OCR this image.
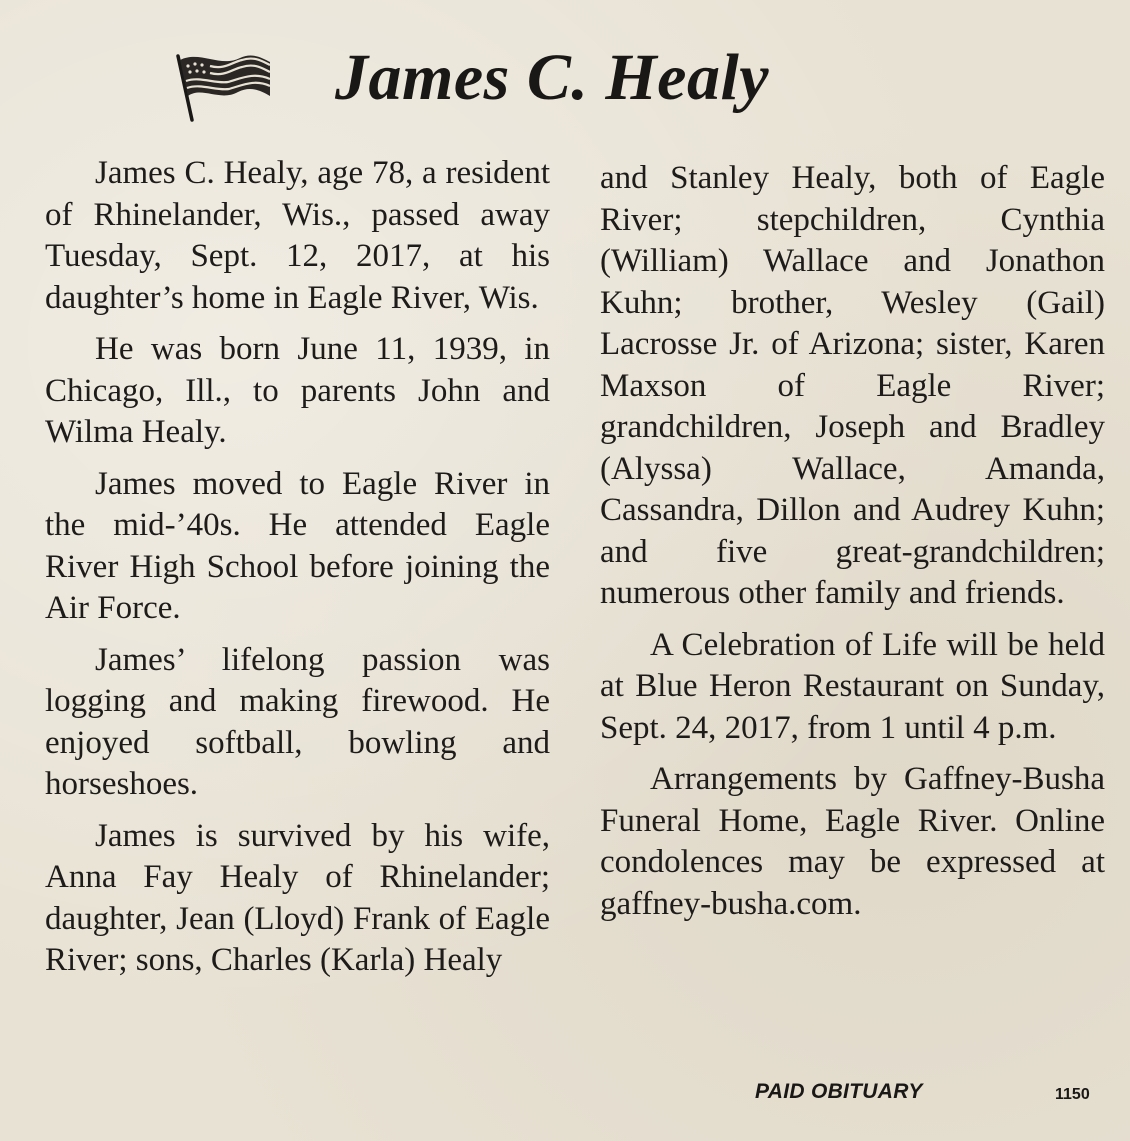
James C. Healy

James C. Healy, age 78, a resident of Rhinelander, Wis., passed away Tuesday, Sept. 12, 2017, at his daughter’s home in Eagle River, Wis.

He was born June 11, 1939, in Chicago, Ill., to parents John and Wilma Healy.

James moved to Eagle River in the mid-’40s. He attended Eagle River High School before joining the Air Force.

James’ lifelong passion was logging and making firewood. He enjoyed softball, bowling and horseshoes.

James is survived by his wife, Anna Fay Healy of Rhinelander; daughter, Jean (Lloyd) Frank of Eagle River; sons, Charles (Karla) Healy

and Stanley Healy, both of Eagle River; stepchildren, Cynthia (William) Wallace and Jonathon Kuhn; brother, Wesley (Gail) Lacrosse Jr. of Arizona; sister, Karen Maxson of Eagle River; grandchildren, Joseph and Bradley (Alyssa) Wallace, Amanda, Cassandra, Dillon and Audrey Kuhn; and five great-grandchildren; numerous other family and friends.

A Celebration of Life will be held at Blue Heron Restaurant on Sunday, Sept. 24, 2017, from 1 until 4 p.m.

Arrangements by Gaffney-Busha Funeral Home, Eagle River. Online condolences may be expressed at gaffney-busha.com.

PAID OBITUARY	1150
